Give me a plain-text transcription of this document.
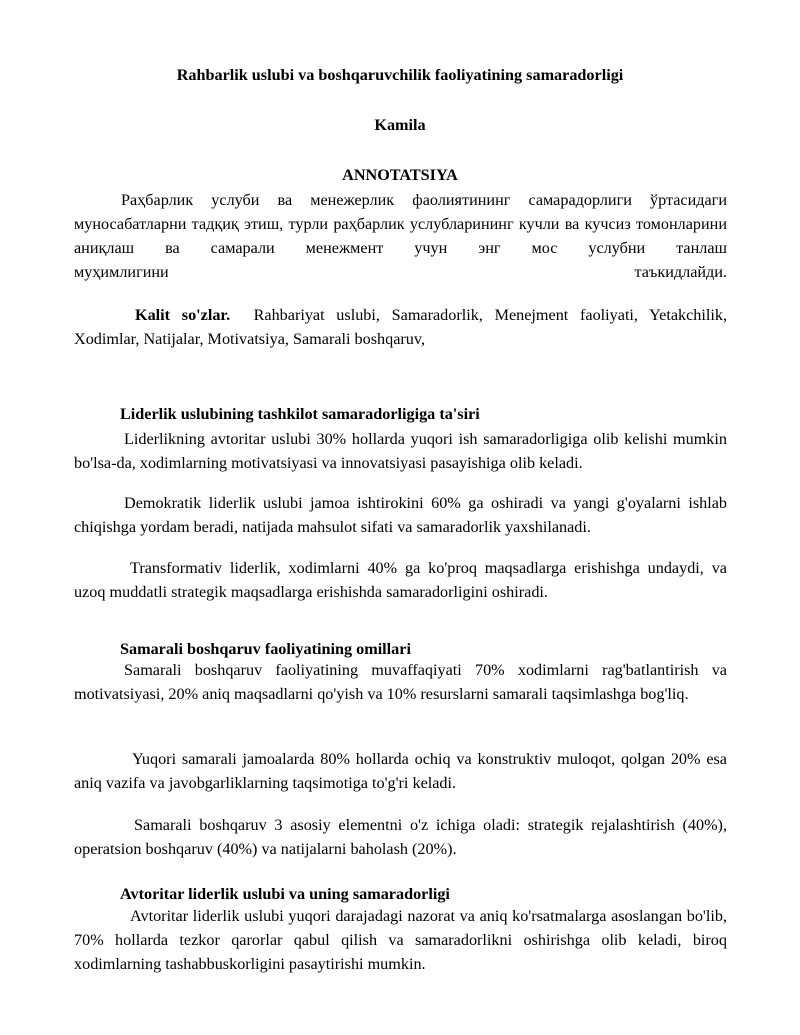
Rahbarlik uslubi va boshqaruvchilik faoliyatining samaradorligi
Kamila
ANNOTATSIYA

Раҳбарлик услуби ва менежерлик фаолиятининг самарадорлиги ўртасидаги муносабатларни тадқиқ этиш, турли раҳбарлик услубларининг кучли ва кучсиз томонларини аниқлаш ва самарали менежмент учун энг мос услубни танлаш

муҳимлигини	таъкидлайди.

Kalit so'zlar. Rahbariyat uslubi, Samaradorlik, Menejment faoliyati, Yetakchilik, Xodimlar, Natijalar, Motivatsiya, Samarali boshqaruv,

Liderlik uslubining tashkilot samaradorligiga ta'siri

Liderlikning avtoritar uslubi 30% hollarda yuqori ish samaradorligiga olib kelishi mumkin bo'lsa-da, xodimlarning motivatsiyasi va innovatsiyasi pasayishiga olib keladi.

Demokratik liderlik uslubi jamoa ishtirokini 60% ga oshiradi va yangi g'oyalarni ishlab chiqishga yordam beradi, natijada mahsulot sifati va samaradorlik yaxshilanadi.

Transformativ liderlik, xodimlarni 40% ga ko'proq maqsadlarga erishishga undaydi, va uzoq muddatli strategik maqsadlarga erishishda samaradorligini oshiradi.

Samarali boshqaruv faoliyatining omillari

Samarali boshqaruv faoliyatining muvaffaqiyati 70% xodimlarni rag'batlantirish va motivatsiyasi, 20% aniq maqsadlarni qo'yish va 10% resurslarni samarali taqsimlashga bog'liq.

Yuqori samarali jamoalarda 80% hollarda ochiq va konstruktiv muloqot, qolgan 20% esa aniq vazifa va javobgarliklarning taqsimotiga to'g'ri keladi.

Samarali boshqaruv 3 asosiy elementni o'z ichiga oladi: strategik rejalashtirish (40%), operatsion boshqaruv (40%) va natijalarni baholash (20%).

Avtoritar liderlik uslubi va uning samaradorligi

Avtoritar liderlik uslubi yuqori darajadagi nazorat va aniq ko'rsatmalarga asoslangan bo'lib, 70% hollarda tezkor qarorlar qabul qilish va samaradorlikni oshirishga olib keladi, biroq xodimlarning tashabbuskorligini pasaytirishi mumkin.
